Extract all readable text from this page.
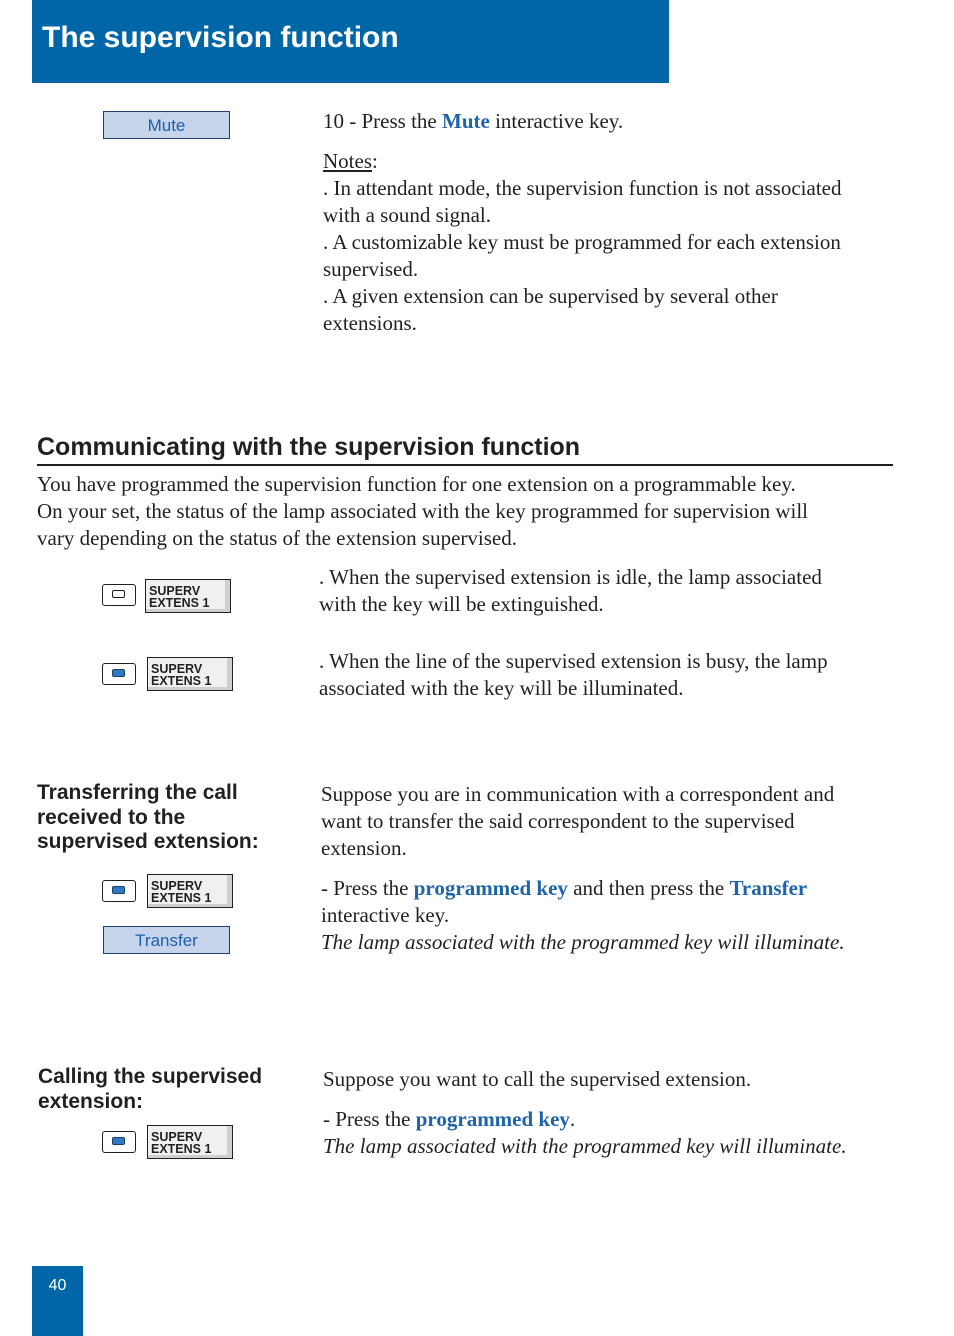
The supervision function
Mute	10 - Press the Mute interactive key.

Notes:

. In attendant mode, the supervision function is not associated

with a sound signal.

. A customizable key must be programmed for each extension

supervised.

. A given extension can be supervised by several other

extensions.

Communicating with the supervision function

You have programmed the supervision function for one extension on a programmable key.

On your set, the status of the lamp associated with the key programmed for supervision will

vary depending on the status of the extension supervised.

SUPERV
EXTENS 1

. When the supervised extension is idle, the lamp associated

with the key will be extinguished.

SUPERV
EXTENS 1

. When the line of the supervised extension is busy, the lamp

associated with the key will be illuminated.

Transferring the call

received to the

supervised extension:

Suppose you are in communication with a correspondent and

want to transfer the said correspondent to the supervised

extension.

- Press the programmed key and then press the Transfer

interactive key.

The lamp associated with the programmed key will illuminate.

SUPERV
EXTENS 1
Transfer

Calling the supervised

extension:

Suppose you want to call the supervised extension.

- Press the programmed key.

The lamp associated with the programmed key will illuminate.

SUPERV
EXTENS 1
40
